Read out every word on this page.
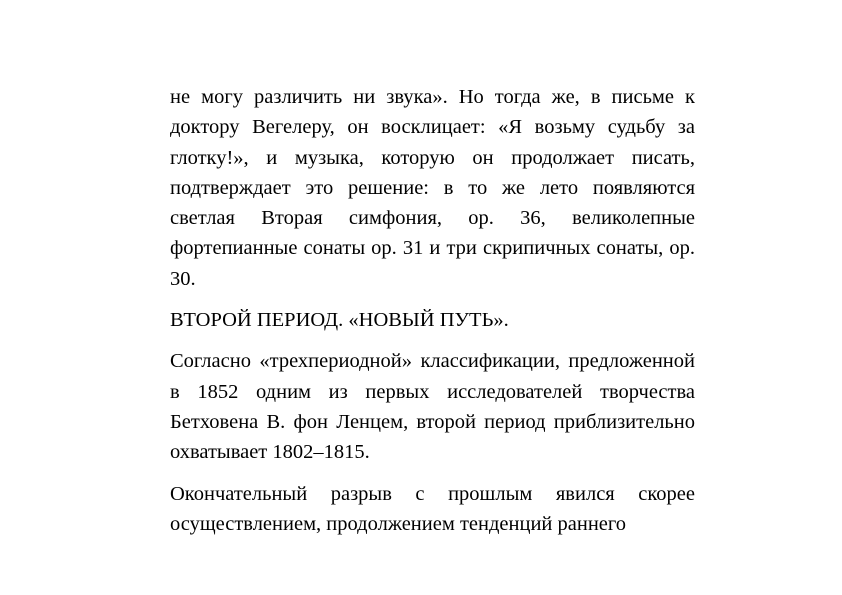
не могу различить ни звука». Но тогда же, в письме к доктору Вегелеру, он восклицает: «Я возьму судьбу за глотку!», и музыка, которую он продолжает писать, подтверждает это решение: в то же лето появляются светлая Вторая симфония, ор. 36, великолепные фортепианные сонаты ор. 31 и три скрипичных сонаты, ор. 30.

ВТОРОЙ ПЕРИОД. «НОВЫЙ ПУТЬ».

Согласно «трехпериодной» классификации, предложенной в 1852 одним из первых исследователей творчества Бетховена В. фон Ленцем, второй период приблизительно охватывает 1802–1815.

Окончательный разрыв с прошлым явился скорее осуществлением, продолжением тенденций раннего
